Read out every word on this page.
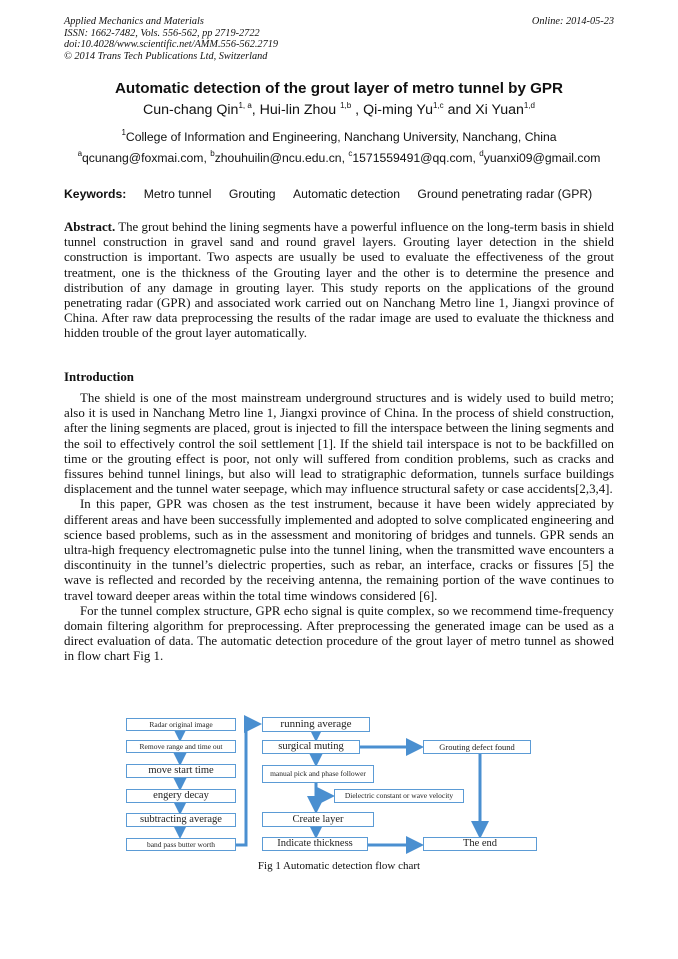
Applied Mechanics and Materials
ISSN: 1662-7482, Vols. 556-562, pp 2719-2722
doi:10.4028/www.scientific.net/AMM.556-562.2719
© 2014 Trans Tech Publications Ltd, Switzerland
Online: 2014-05-23
Automatic detection of the grout layer of metro tunnel by GPR
Cun-chang Qin$^{1, a}$, Hui-lin Zhou $^{1,b}$ , Qi-ming Yu$^{1,c}$ and Xi Yuan$^{1,d}$
$^1$College of Information and Engineering, Nanchang University, Nanchang, China
$^a$qcunang@foxmai.com, $^b$zhouhuilin@ncu.edu.cn, $^c$1571559491@qq.com, $^d$yuanxi09@gmail.com
Keywords: Metro tunnel Grouting Automatic detection Ground penetrating radar (GPR)

Abstract. The grout behind the lining segments have a powerful influence on the long-term basis in shield tunnel construction in gravel sand and round gravel layers. Grouting layer detection in the shield construction is important. Two aspects are usually be used to evaluate the effectiveness of the grout treatment, one is the thickness of the Grouting layer and the other is to determine the presence and distribution of any damage in grouting layer. This study reports on the applications of the ground penetrating radar (GPR) and associated work carried out on Nanchang Metro line 1, Jiangxi province of China. After raw data preprocessing the results of the radar image are used to evaluate the thickness and hidden trouble of the grout layer automatically.

Introduction

The shield is one of the most mainstream underground structures and is widely used to build metro; also it is used in Nanchang Metro line 1, Jiangxi province of China. In the process of shield construction, after the lining segments are placed, grout is injected to fill the interspace between the lining segments and the soil to effectively control the soil settlement [1]. If the shield tail interspace is not to be backfilled on time or the grouting effect is poor, not only will suffered from condition problems, such as cracks and fissures behind tunnel linings, but also will lead to stratigraphic deformation, tunnels surface buildings displacement and the tunnel water seepage, which may influence structural safety or case accidents[2,3,4].

In this paper, GPR was chosen as the test instrument, because it have been widely appreciated by different areas and have been successfully implemented and adopted to solve complicated engineering and science based problems, such as in the assessment and monitoring of bridges and tunnels. GPR sends an ultra-high frequency electromagnetic pulse into the tunnel lining, when the transmitted wave encounters a discontinuity in the tunnel’s dielectric properties, such as rebar, an interface, cracks or fissures [5] the wave is reflected and recorded by the receiving antenna, the remaining portion of the wave continues to travel toward deeper areas within the total time windows considered [6].

For the tunnel complex structure, GPR echo signal is quite complex, so we recommend time-frequency domain filtering algorithm for preprocessing. After preprocessing the generated image can be used as a direct evaluation of data. The automatic detection procedure of the grout layer of metro tunnel as showed in flow chart Fig 1.

Radar original image
Remove range and time out
move start time
engery decay
subtracting average
band pass butter worth
running average
surgical muting
manual pick and phase follower
Dielectric constant or wave velocity
Create layer
Indicate thickness
Grouting defect found
The end
Fig 1 Automatic detection flow chart
